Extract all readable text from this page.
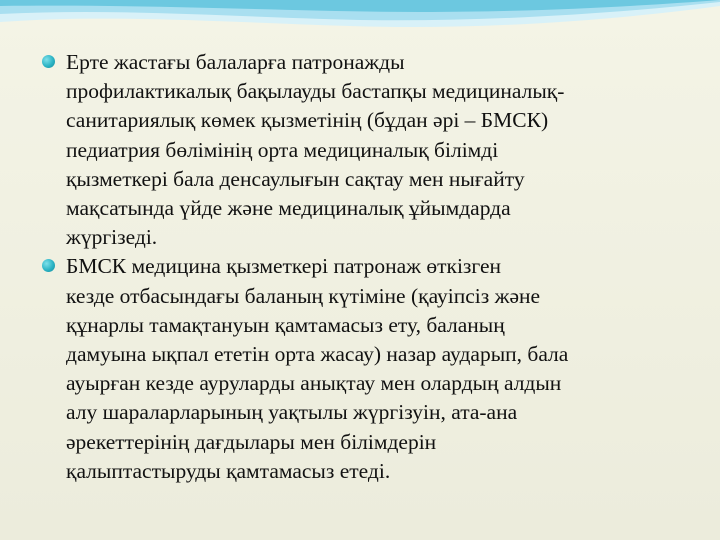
Ерте жастағы балаларға патронажды
профилактикалық бақылауды бастапқы медициналық-
санитариялық көмек қызметінің (бұдан әрі – БМСК)
педиатрия бөлімінің орта медициналық білімді
қызметкері бала денсаулығын сақтау мен нығайту
мақсатында үйде және медициналық ұйымдарда
жүргізеді.

БМСК медицина қызметкері патронаж өткізген
кезде отбасындағы баланың күтіміне (қауіпсіз және
құнарлы тамақтануын қамтамасыз ету, баланың
дамуына ықпал ететін орта жасау) назар аударып, бала
ауырған кезде ауруларды анықтау мен олардың алдын
алу шараларларының уақтылы жүргізуін, ата-ана
әрекеттерінің дағдылары мен білімдерін
қалыптастыруды қамтамасыз етеді.
